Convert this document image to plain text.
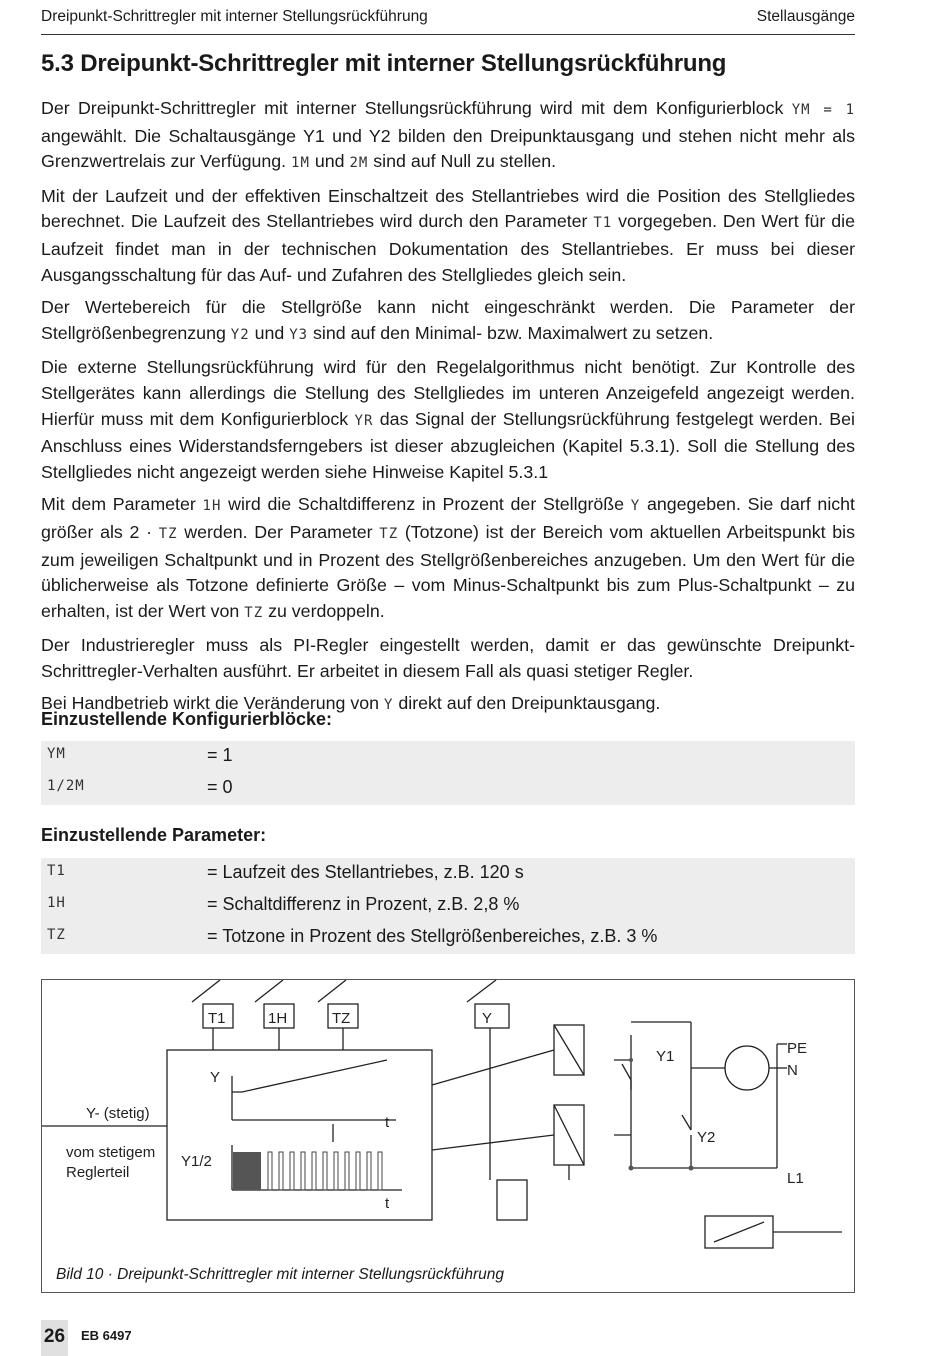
Dreipunkt-Schrittregler mit interner Stellungsrückführung	Stellausgänge
5.3 Dreipunkt-Schrittregler mit interner Stellungsrückführung

Der Dreipunkt-Schrittregler mit interner Stellungsrückführung wird mit dem Konfigurierblock YM = 1 angewählt. Die Schaltausgänge Y1 und Y2 bilden den Dreipunktausgang und stehen nicht mehr als Grenzwertrelais zur Verfügung. 1M und 2M sind auf Null zu stellen.

Mit der Laufzeit und der effektiven Einschaltzeit des Stellantriebes wird die Position des Stellgliedes berechnet. Die Laufzeit des Stellantriebes wird durch den Parameter T1 vorgegeben. Den Wert für die Laufzeit findet man in der technischen Dokumentation des Stellantriebes. Er muss bei dieser Ausgangsschaltung für das Auf- und Zufahren des Stellgliedes gleich sein.

Der Wertebereich für die Stellgröße kann nicht eingeschränkt werden. Die Parameter der Stellgrößenbegrenzung Y2 und Y3 sind auf den Minimal- bzw. Maximalwert zu setzen.

Die externe Stellungsrückführung wird für den Regelalgorithmus nicht benötigt. Zur Kontrolle des Stellgerätes kann allerdings die Stellung des Stellgliedes im unteren Anzeigefeld angezeigt werden. Hierfür muss mit dem Konfigurierblock YR das Signal der Stellungsrückführung festgelegt werden. Bei Anschluss eines Widerstandsferngebers ist dieser abzugleichen (Kapitel 5.3.1). Soll die Stellung des Stellgliedes nicht angezeigt werden siehe Hinweise Kapitel 5.3.1

Mit dem Parameter 1H wird die Schaltdifferenz in Prozent der Stellgröße Y angegeben. Sie darf nicht größer als 2 · TZ werden. Der Parameter TZ (Totzone) ist der Bereich vom aktuellen Arbeitspunkt bis zum jeweiligen Schaltpunkt und in Prozent des Stellgrößenbereiches anzugeben. Um den Wert für die üblicherweise als Totzone definierte Größe – vom Minus-Schaltpunkt bis zum Plus-Schaltpunkt – zu erhalten, ist der Wert von TZ zu verdoppeln.

Der Industrieregler muss als PI-Regler eingestellt werden, damit er das gewünschte Dreipunkt-Schrittregler-Verhalten ausführt. Er arbeitet in diesem Fall als quasi stetiger Regler.

Bei Handbetrieb wirkt die Veränderung von Y direkt auf den Dreipunktausgang.

Einzustellende Konfigurierblöcke:
YM	= 1
1/2M	= 0
Einzustellende Parameter:
T1	= Laufzeit des Stellantriebes, z.B. 120 s
1H	= Schaltdifferenz in Prozent, z.B. 2,8 %
TZ	= Totzone in Prozent des Stellgrößenbereiches, z.B. 3 %
T1	1H	TZ	Y
Y
t
t
Y1/2
Y- (stetig)
vom stetigem
Reglerteil
Y1
Y2
PE
N
L1
Bild 10 · Dreipunkt-Schrittregler mit interner Stellungsrückführung
26 EB 6497
